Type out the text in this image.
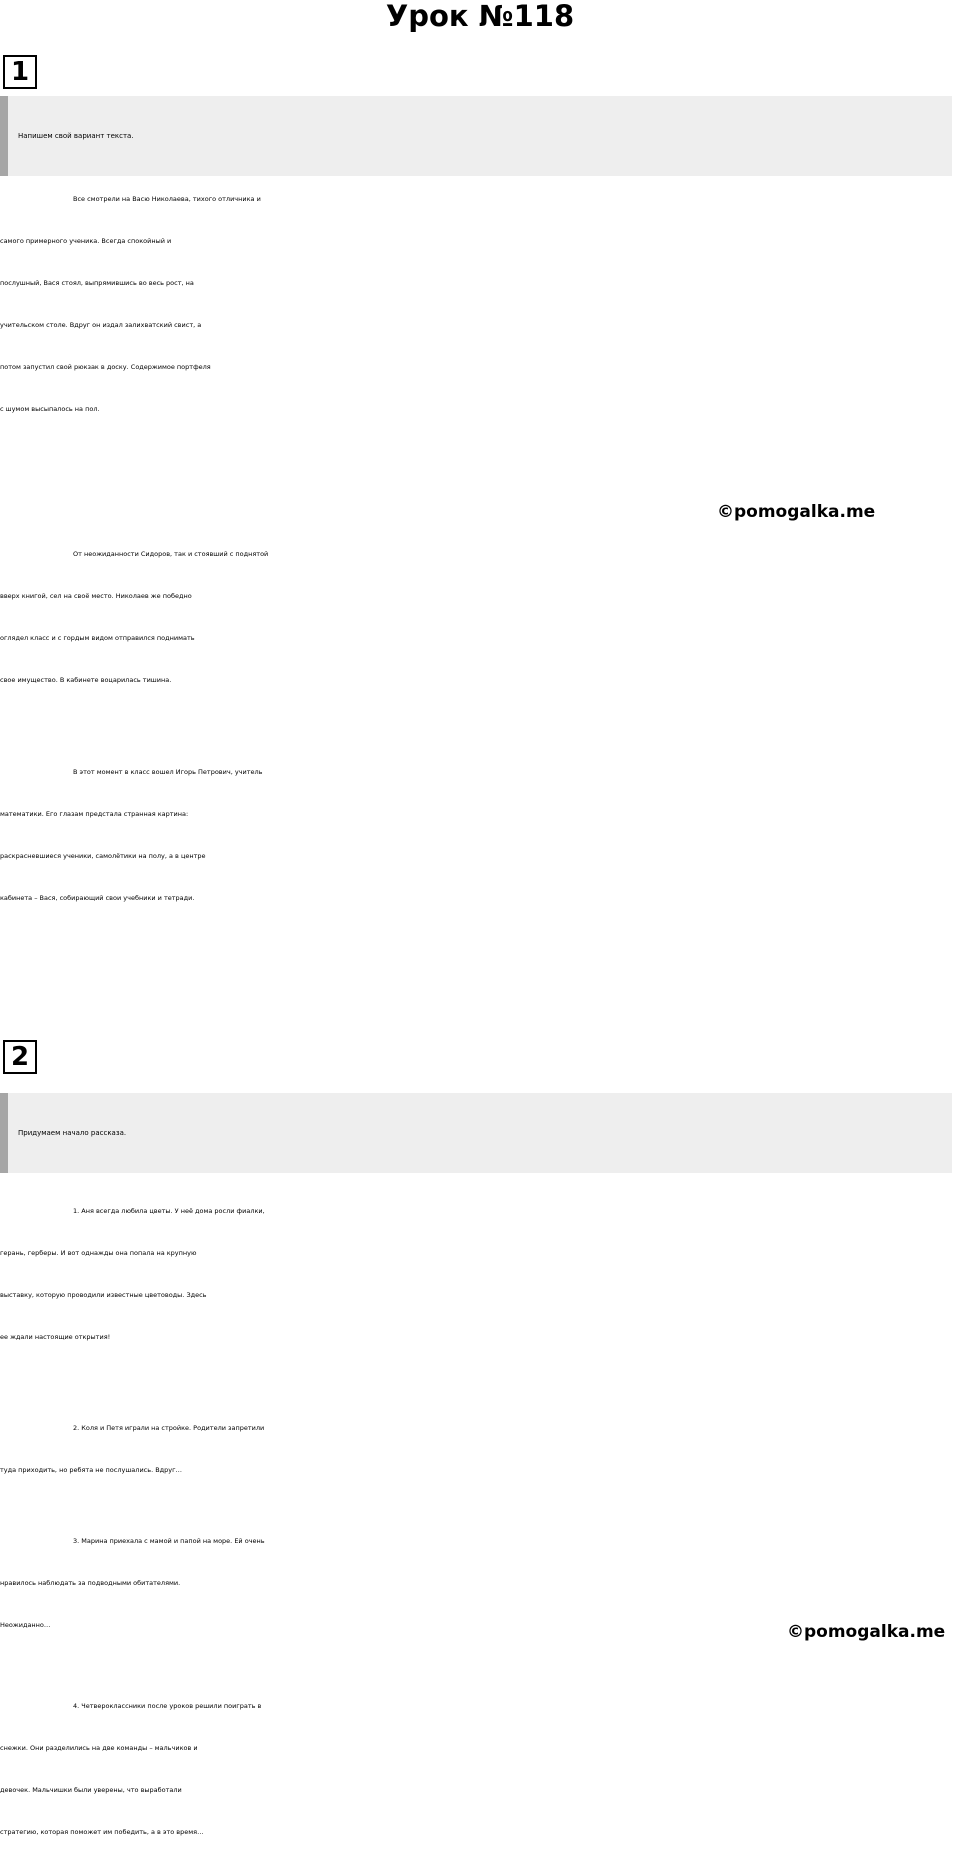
Урок №118
1
Напишем свой вариант текста.
Все смотрели на Васю Николаева, тихого отличника и
самого примерного ученика. Всегда спокойный и
послушный, Вася стоял, выпрямившись во весь рост, на
учительском столе. Вдруг он издал залихватский свист, а
потом запустил свой рюкзак в доску. Содержимое портфеля
с шумом высыпалось на пол.
©pomogalka.me
От неожиданности Сидоров, так и стоявший с поднятой
вверх книгой, сел на своё место. Николаев же победно
оглядел класс и с гордым видом отправился поднимать
свое имущество. В кабинете воцарилась тишина.
В этот момент в класс вошел Игорь Петрович, учитель
математики. Его глазам предстала странная картина:
раскрасневшиеся ученики, самолётики на полу, а в центре
кабинета – Вася, собирающий свои учебники и тетради.
2
Придумаем начало рассказа.
1. Аня всегда любила цветы. У неё дома росли фиалки,
герань, герберы. И вот однажды она попала на крупную
выставку, которую проводили известные цветоводы. Здесь
ее ждали настоящие открытия!
2. Коля и Петя играли на стройке. Родители запретили
туда приходить, но ребята не послушались. Вдруг…
3. Марина приехала с мамой и папой на море. Ей очень
нравилось наблюдать за подводными обитателями.
Неожиданно…	©pomogalka.me
4. Четвероклассники после уроков решили поиграть в
снежки. Они разделились на две команды – мальчиков и
девочек. Мальчишки были уверены, что выработали
стратегию, которая поможет им победить, а в это время…
